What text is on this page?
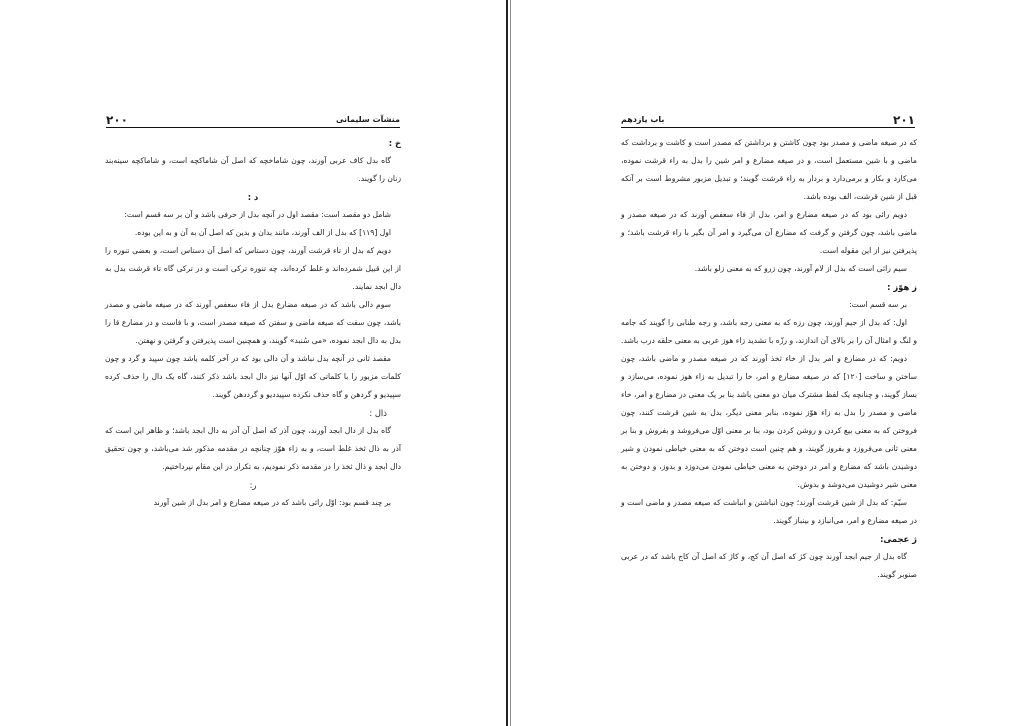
۲۰۰	منشآت سلیمانی

خ :

گاه بدل کاف عربی آورند، چون شاماخچه که اصل آن شاماکچه است، و شاماکچه سینه‌بند زنان را گویند.

د :

شامل دو مقصد است: مقصد اول در آنچه بدل از حرفی باشد و آن بر سه قسم است:

اول [۱۱۹] که بدل از الف آورند، مانند بدان و بدین که اصل آن به آن و به این بوده.

دویم که بدل از تاء قرشت آورند، چون دستاس که اصل آن دستاس است، و بعضی تنوره را از این قبیل شمرده‌اند و غلط کرده‌اند، چه تنوره ترکی است و در ترکی گاه تاء قرشت بدل به دال ابجد نمایند.

سوم دالی باشد که در صیغه مضارع بدل از فاء سعفص آورند که در صیغه ماضی و مصدر باشد، چون سفت که صیغه ماضی و سفتن که صیغه مصدر است، و با فاست و در مضارع قا را بدل به دال ابجد نموده، «می سُنبد» گویند، و همچنین است پذیرفتن و گرفتن و نهفتن.

مقصد ثانی در آنچه بدل نباشد و آن دالی بود که در آخر کلمه باشد چون سپید و گرد و چون کلمات مزبور را با کلماتی که اوّل آنها نیز دال ابجد باشد ذکر کنند، گاه یک دال را حذف کرده سپیدیو و گردهن و گاه حذف نکرده سپیددیو و گرددهن گویند.

ذال :

گاه بدل از دال ابجد آورند، چون آذر که اصل آن آدر به دال ابجد باشد؛ و ظاهر این است که آذر به ذال ثخذ غلط است، و به زاء هوّز چنانچه در مقدمه مذکور شد می‌باشد، و چون تحقیق دال ابجد و ذال ثخذ را در مقدمه ذکر نمودیم، به تکرار در این مقام نپرداختیم.

ر:

بر چند قسم بود: اوّل رائی باشد که در صیغه مضارع و امر بدل از شین آورند

باب یازدهم	۲۰۱

که در صیغه ماضی و مصدر بود چون کاشتن و برداشتن که مصدر است و کاشت و برداشت که ماضی و با شین مستعمل است، و در صیغه مضارع و امر شین را بدل به راء قرشت نموده، می‌کارد و بکار و برمی‌دارد و بردار به راء قرشت گویند؛ و تبدیل مزبور مشروط است بر آنکه قبل از شین قرشت، الف بوده باشد.

دویم رائی بود که در صیغه مضارع و امر، بدل از فاء سعفص آورند که در صیغه مصدر و ماضی باشد، چون گرفتن و گرفت که مضارع آن می‌گیرد و امر آن بگیر با راء قرشت باشد؛ و پذیرفتن نیز از این مقوله است.

سیم رائی است که بدل از لام آورند، چون زرو که به معنی زلو باشد.

ز هوّز :

بر سه قسم است:

اول: که بدل از جیم آورند، چون رزه که به معنی رجه باشد، و رجه طنابی را گویند که جامه و لنگ و امثال آن را بر بالای آن اندازند، و رزّه با تشدید زاء هوز عربی به معنی حلقه درب باشد.

دویم: که در مضارع و امر بدل از خاء ثخذ آورند که در صیغه مصدر و ماضی باشد، چون ساختن و ساخت [۱۲۰] که در صیغه مضارع و امر، خا را تبدیل به زاء هوز نموده، می‌سازد و بساز گویند، و چنانچه یک لفظ مشترک میان دو معنی باشد بنا بر یک معنی در مضارع و امر، خاء ماضی و مصدر را بدل به زاء هوّز نموده، بنابر معنی دیگر، بدل به شین قرشت کنند، چون فروختن که به معنی بیع کردن و روشن کردن بود، بنا بر معنی اوّل می‌فروشد و بفروش و بنا بر معنی ثانی می‌فروزد و بفروز گویند، و هم چنین است دوختن که به معنی خیاطی نمودن و شیر دوشیدن باشد که مضارع و امر در دوختن به معنی خیاطی نمودن می‌دوزد و بدوز، و دوختن به معنی شیر دوشیدن می‌دوشد و بدوش.

سیّم: که بدل از شین قرشت آورند؛ چون انباشتن و انباشت که صیغه مصدر و ماضی است و در صیغه مضارع و امر، می‌انبازد و بینباز گویند.

ژ عجمی:

گاه بدل از جیم ابجد آورند چون کژ که اصل آن کج، و کاژ که اصل آن کاج باشد که در عربی صنوبر گویند.
